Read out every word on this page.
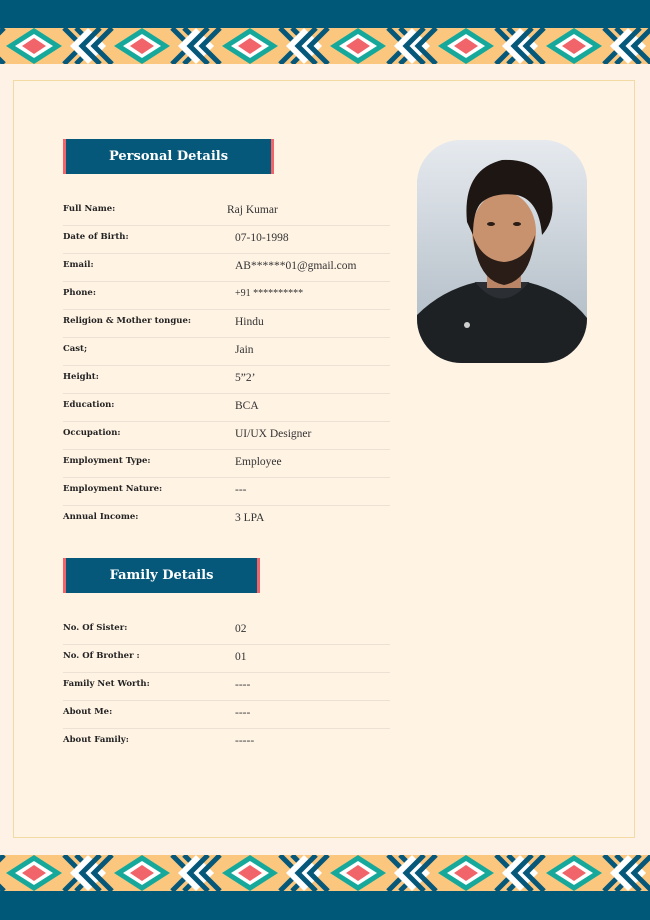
Personal Details
Full Name:	Raj Kumar
Date of Birth:	07-10-1998
Email:	AB******01@gmail.com
Phone:	+91 **********
Religion & Mother tongue:	Hindu
Cast;	Jain
Height:	5”2’
Education:	BCA
Occupation:	UI/UX Designer
Employment Type:	Employee
Employment Nature:	---
Annual Income:	3 LPA
Family Details
No. Of Sister:	02
No. Of Brother :	01
Family Net Worth:	----
About Me:	----
About Family:	-----
